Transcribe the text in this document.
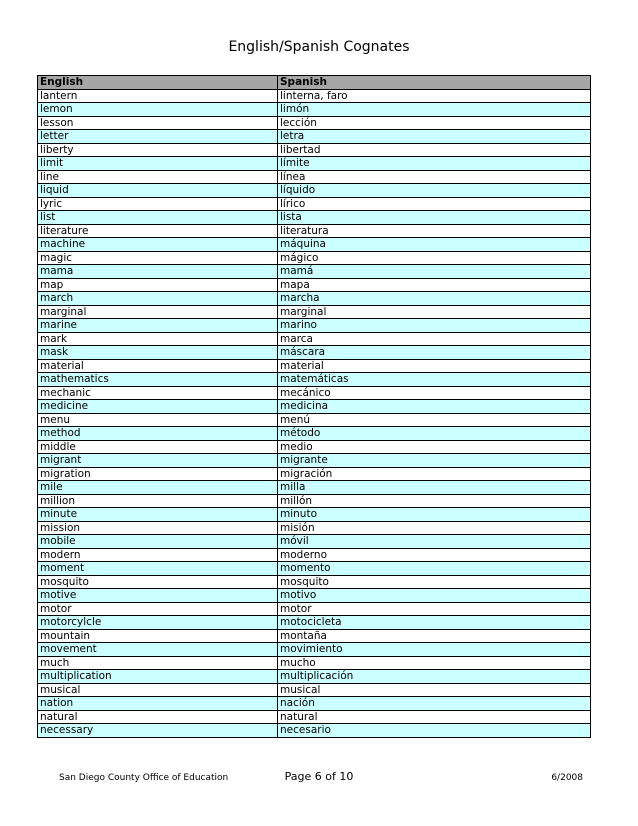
English/Spanish Cognates
English	Spanish
lantern	linterna, faro
lemon	limón
lesson	lección
letter	letra
liberty	libertad
limit	límite
line	línea
liquid	líquido
lyric	lírico
list	lista
literature	literatura
machine	máquina
magic	mágico
mama	mamá
map	mapa
march	marcha
marginal	marginal
marine	marino
mark	marca
mask	máscara
material	material
mathematics	matemáticas
mechanic	mecánico
medicine	medicina
menu	menú
method	método
middle	medio
migrant	migrante
migration	migración
mile	milla
million	millón
minute	minuto
mission	misión
mobile	móvil
modern	moderno
moment	momento
mosquito	mosquito
motive	motivo
motor	motor
motorcylcle	motocicleta
mountain	montaña
movement	movimiento
much	mucho
multiplication	multiplicación
musical	musical
nation	nación
natural	natural
necessary	necesario
San Diego County Office of Education	Page 6 of 10	6/2008
